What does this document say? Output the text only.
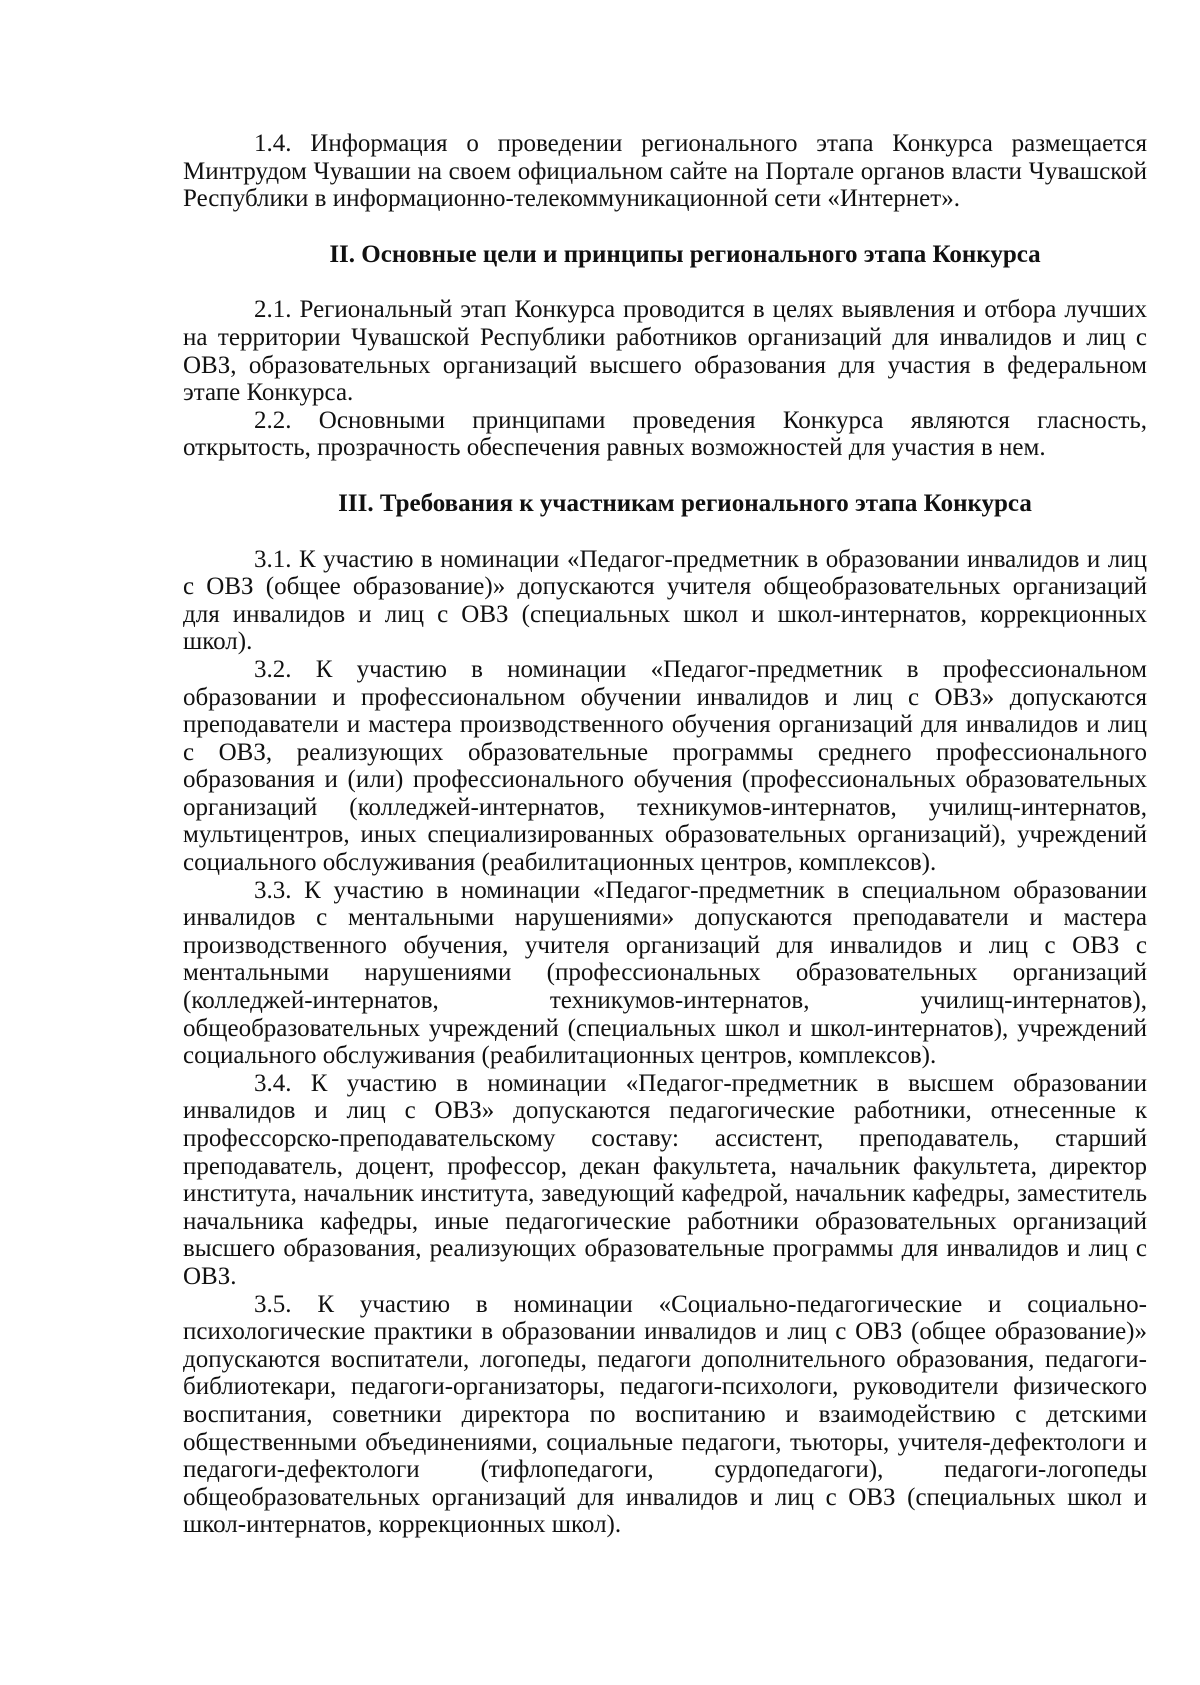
1.4. Информация о проведении регионального этапа Конкурса размещается Минтрудом Чувашии на своем официальном сайте на Портале органов власти Чувашской Республики в информационно-телекоммуникационной сети «Интернет».

II. Основные цели и принципы регионального этапа Конкурса

2.1. Региональный этап Конкурса проводится в целях выявления и отбора лучших на территории Чувашской Республики работников организаций для инвалидов и лиц с ОВЗ, образовательных организаций высшего образования для участия в федеральном этапе Конкурса.

2.2. Основными принципами проведения Конкурса являются гласность, открытость, прозрачность обеспечения равных возможностей для участия в нем.

III. Требования к участникам регионального этапа Конкурса

3.1. К участию в номинации «Педагог-предметник в образовании инвалидов и лиц с ОВЗ (общее образование)» допускаются учителя общеобразовательных организаций для инвалидов и лиц с ОВЗ (специальных школ и школ-интернатов, коррекционных школ).

3.2. К участию в номинации «Педагог-предметник в профессиональном образовании и профессиональном обучении инвалидов и лиц с ОВЗ» допускаются преподаватели и мастера производственного обучения организаций для инвалидов и лиц с ОВЗ, реализующих образовательные программы среднего профессионального образования и (или) профессионального обучения (профессиональных образовательных организаций (колледжей-интернатов, техникумов-интернатов, училищ-интернатов, мультицентров, иных специализированных образовательных организаций), учреждений социального обслуживания (реабилитационных центров, комплексов).

3.3. К участию в номинации «Педагог-предметник в специальном образовании инвалидов с ментальными нарушениями» допускаются преподаватели и мастера производственного обучения, учителя организаций для инвалидов и лиц с ОВЗ с ментальными нарушениями (профессиональных образовательных организаций (колледжей-интернатов, техникумов-интернатов, училищ-интернатов), общеобразовательных учреждений (специальных школ и школ-интернатов), учреждений социального обслуживания (реабилитационных центров, комплексов).

3.4. К участию в номинации «Педагог-предметник в высшем образовании инвалидов и лиц с ОВЗ» допускаются педагогические работники, отнесенные к профессорско-преподавательскому составу: ассистент, преподаватель, старший преподаватель, доцент, профессор, декан факультета, начальник факультета, директор института, начальник института, заведующий кафедрой, начальник кафедры, заместитель начальника кафедры, иные педагогические работники образовательных организаций высшего образования, реализующих образовательные программы для инвалидов и лиц с ОВЗ.

3.5. К участию в номинации «Социально-педагогические и социально-психологические практики в образовании инвалидов и лиц с ОВЗ (общее образование)» допускаются воспитатели, логопеды, педагоги дополнительного образования, педагоги-библиотекари, педагоги-организаторы, педагоги-психологи, руководители физического воспитания, советники директора по воспитанию и взаимодействию с детскими общественными объединениями, социальные педагоги, тьюторы, учителя-дефектологи и педагоги-дефектологи (тифлопедагоги, сурдопедагоги), педагоги-логопеды общеобразовательных организаций для инвалидов и лиц с ОВЗ (специальных школ и школ-интернатов, коррекционных школ).
